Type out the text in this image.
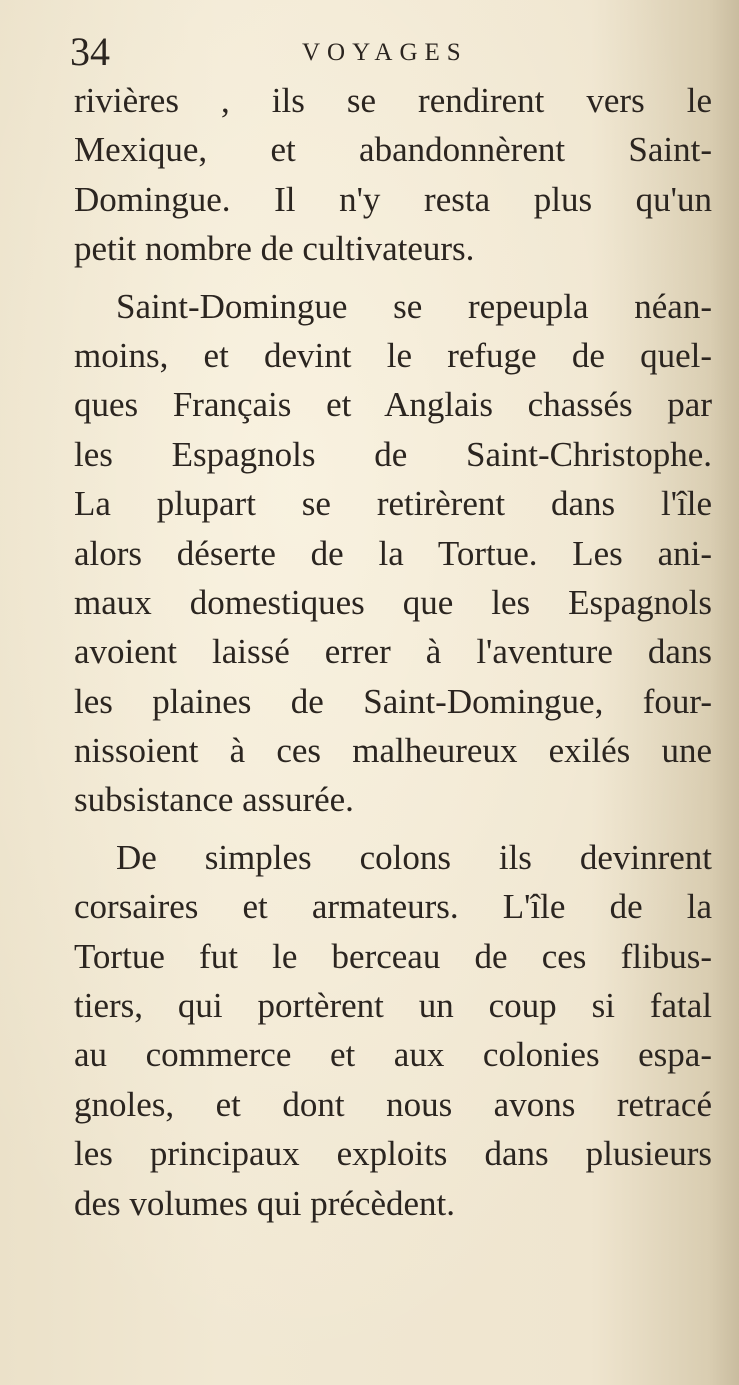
34	VOYAGES
rivières , ils se rendirent vers le
Mexique, et abandonnèrent Saint-
Domingue. Il n'y resta plus qu'un
petit nombre de cultivateurs.
Saint-Domingue se repeupla néan-
moins, et devint le refuge de quel-
ques Français et Anglais chassés par
les Espagnols de Saint-Christophe.
La plupart se retirèrent dans l'île
alors déserte de la Tortue. Les ani-
maux domestiques que les Espagnols
avoient laissé errer à l'aventure dans
les plaines de Saint-Domingue, four-
nissoient à ces malheureux exilés une
subsistance assurée.
De simples colons ils devinrent
corsaires et armateurs. L'île de la
Tortue fut le berceau de ces flibus-
tiers, qui portèrent un coup si fatal
au commerce et aux colonies espa-
gnoles, et dont nous avons retracé
les principaux exploits dans plusieurs
des volumes qui précèdent.
